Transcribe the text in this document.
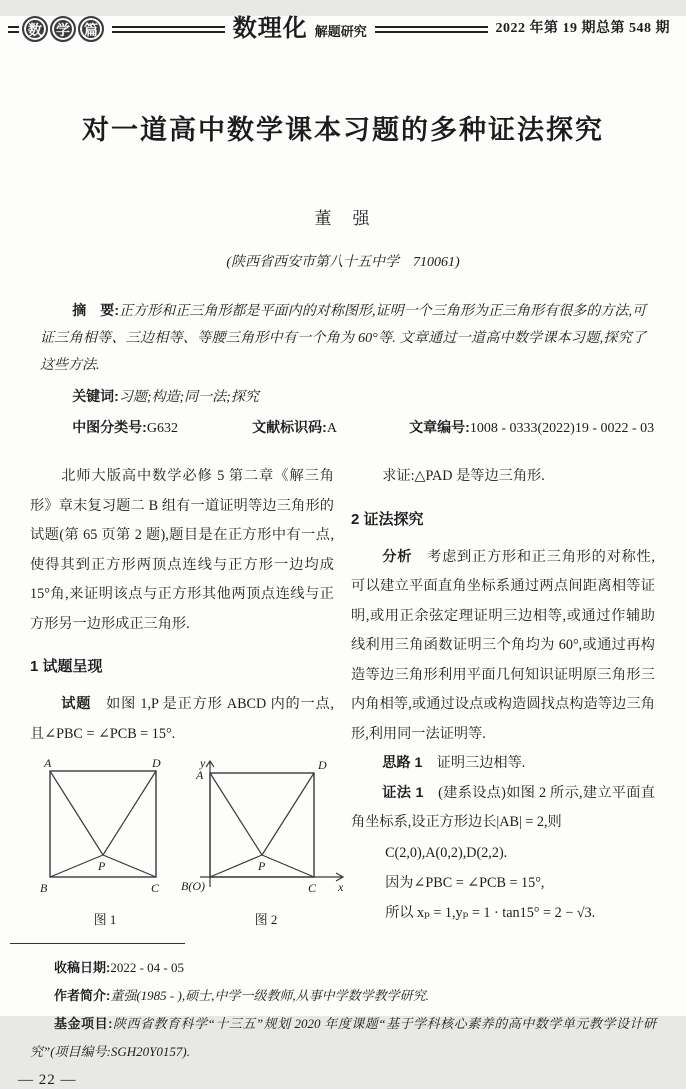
数	学	篇	数理化 解题研究	2022 年第 19 期总第 548 期
对一道高中数学课本习题的多种证法探究
董　强
(陕西省西安市第八十五中学　710061)

摘　要:正方形和正三角形都是平面内的对称图形,证明一个三角形为正三角形有很多的方法,可证三角相等、三边相等、等腰三角形中有一个角为 60°等. 文章通过一道高中数学课本习题,探究了这些方法.

关键词:习题;构造;同一法;探究

中图分类号:G632	文献标识码:A	文章编号:1008 - 0333(2022)19 - 0022 - 03

北师大版高中数学必修 5 第二章《解三角形》章末复习题二 B 组有一道证明等边三角形的试题(第 65 页第 2 题),题目是在正方形中有一点,使得其到正方形两顶点连线与正方形一边均成 15°角,来证明该点与正方形其他两顶点连线与正方形另一边形成正三角形.

1 试题呈现

试题　 如图 1,P 是正方形 ABCD 内的一点,且∠PBC = ∠PCB = 15°.

A	D
B	C
P
图 1
y
x
A
D
B(O)	C
P
图 2

求证:△PAD 是等边三角形.

2 证法探究

分析　 考虑到正方形和正三角形的对称性,可以建立平面直角坐标系通过两点间距离相等证明,或用正余弦定理证明三边相等,或通过作辅助线利用三角函数证明三个角均为 60°,或通过再构造等边三角形利用平面几何知识证明原三角形三内角相等,或通过设点或构造圆找点构造等边三角形,利用同一法证明等.

思路 1　 证明三边相等.

证法 1　 (建系设点)如图 2 所示,建立平面直角坐标系,设正方形边长|AB| = 2,则

C(2,0),A(0,2),D(2,2).

因为∠PBC = ∠PCB = 15°,

所以 xₚ = 1,yₚ = 1 · tan15° = 2 − √3.

收稿日期:2022 - 04 - 05

作者简介:董强(1985 - ),硕士,中学一级教师,从事中学数学教学研究.

基金项目:陕西省教育科学“十三五”规划 2020 年度课题“基于学科核心素养的高中数学单元教学设计研究”(项目编号:SGH20Y0157).

— 22 —
